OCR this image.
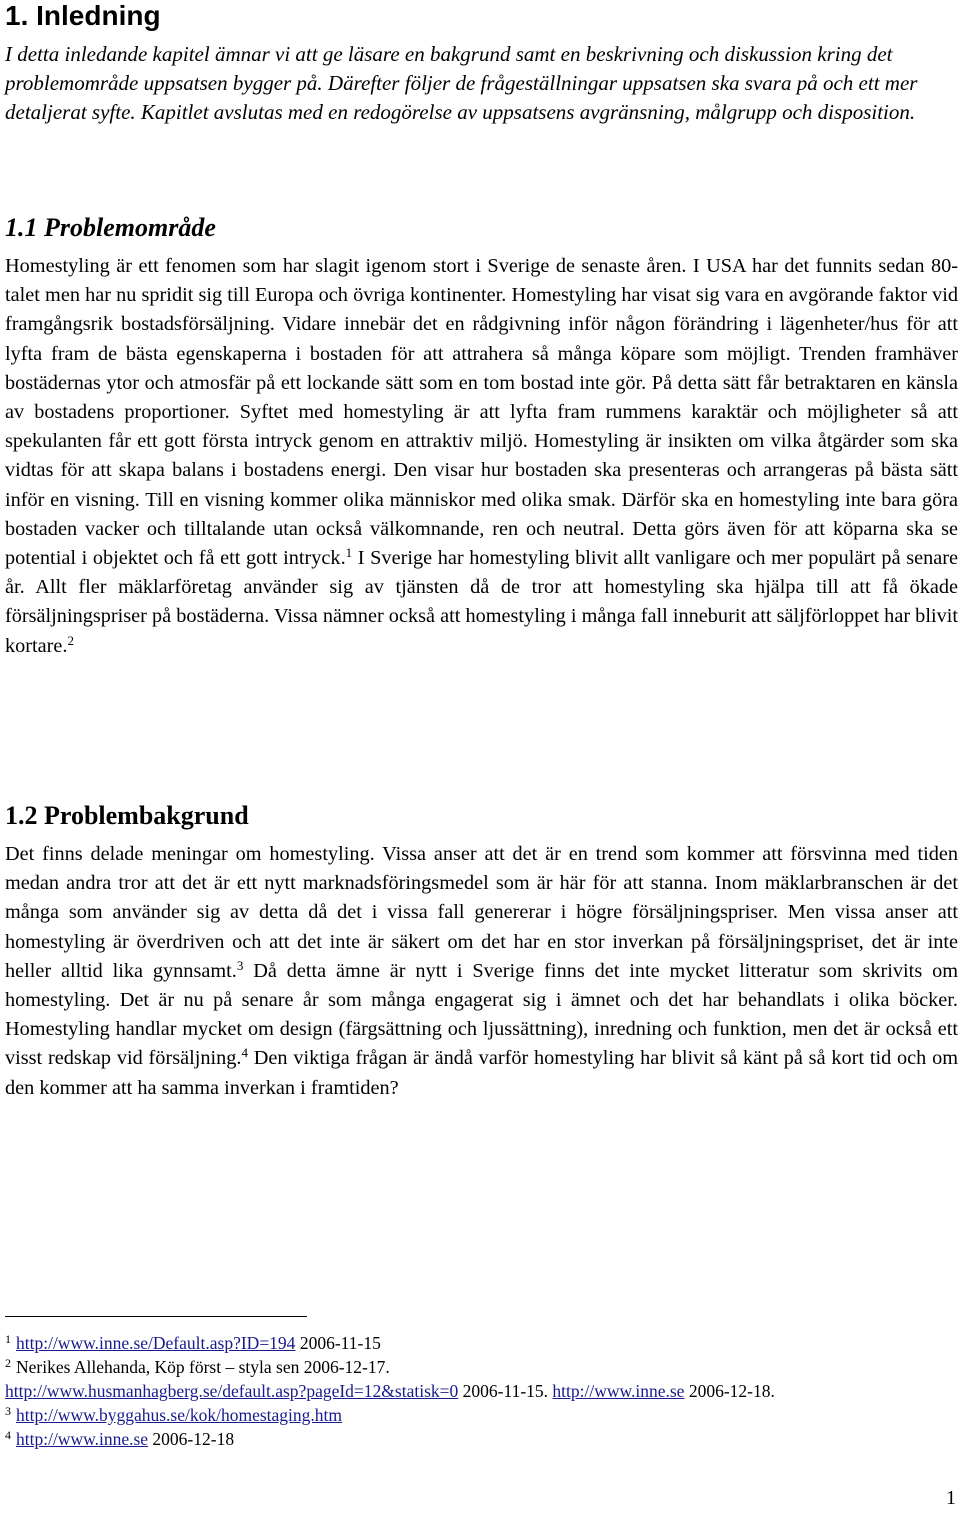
1. Inledning

I detta inledande kapitel ämnar vi att ge läsare en bakgrund samt en beskrivning och diskussion kring det problemområde uppsatsen bygger på. Därefter följer de frågeställningar uppsatsen ska svara på och ett mer detaljerat syfte. Kapitlet avslutas med en redogörelse av uppsatsens avgränsning, målgrupp och disposition.

1.1 Problemområde

Homestyling är ett fenomen som har slagit igenom stort i Sverige de senaste åren. I USA har det funnits sedan 80-talet men har nu spridit sig till Europa och övriga kontinenter. Homestyling har visat sig vara en avgörande faktor vid framgångsrik bostadsförsäljning. Vidare innebär det en rådgivning inför någon förändring i lägenheter/hus för att lyfta fram de bästa egenskaperna i bostaden för att attrahera så många köpare som möjligt. Trenden framhäver bostädernas ytor och atmosfär på ett lockande sätt som en tom bostad inte gör. På detta sätt får betraktaren en känsla av bostadens proportioner. Syftet med homestyling är att lyfta fram rummens karaktär och möjligheter så att spekulanten får ett gott första intryck genom en attraktiv miljö. Homestyling är insikten om vilka åtgärder som ska vidtas för att skapa balans i bostadens energi. Den visar hur bostaden ska presenteras och arrangeras på bästa sätt inför en visning. Till en visning kommer olika människor med olika smak. Därför ska en homestyling inte bara göra bostaden vacker och tilltalande utan också välkomnande, ren och neutral. Detta görs även för att köparna ska se potential i objektet och få ett gott intryck.$^1$ I Sverige har homestyling blivit allt vanligare och mer populärt på senare år. Allt fler mäklarföretag använder sig av tjänsten då de tror att homestyling ska hjälpa till att få ökade försäljningspriser på bostäderna. Vissa nämner också att homestyling i många fall inneburit att säljförloppet har blivit kortare.$^2$

1.2 Problembakgrund

Det finns delade meningar om homestyling. Vissa anser att det är en trend som kommer att försvinna med tiden medan andra tror att det är ett nytt marknadsföringsmedel som är här för att stanna. Inom mäklarbranschen är det många som använder sig av detta då det i vissa fall genererar i högre försäljningspriser. Men vissa anser att homestyling är överdriven och att det inte är säkert om det har en stor inverkan på försäljningspriset, det är inte heller alltid lika gynnsamt.$^3$ Då detta ämne är nytt i Sverige finns det inte mycket litteratur som skrivits om homestyling. Det är nu på senare år som många engagerat sig i ämnet och det har behandlats i olika böcker. Homestyling handlar mycket om design (färgsättning och ljussättning), inredning och funktion, men det är också ett visst redskap vid försäljning.$^4$ Den viktiga frågan är ändå varför homestyling har blivit så känt på så kort tid och om den kommer att ha samma inverkan i framtiden?

$^1$ http://www.inne.se/Default.asp?ID=194 2006-11-15

$^2$ Nerikes Allehanda, Köp först – styla sen 2006-12-17.

http://www.husmanhagberg.se/default.asp?pageId=12&statisk=0 2006-11-15. http://www.inne.se 2006-12-18.

$^3$ http://www.byggahus.se/kok/homestaging.htm

$^4$ http://www.inne.se 2006-12-18

1
